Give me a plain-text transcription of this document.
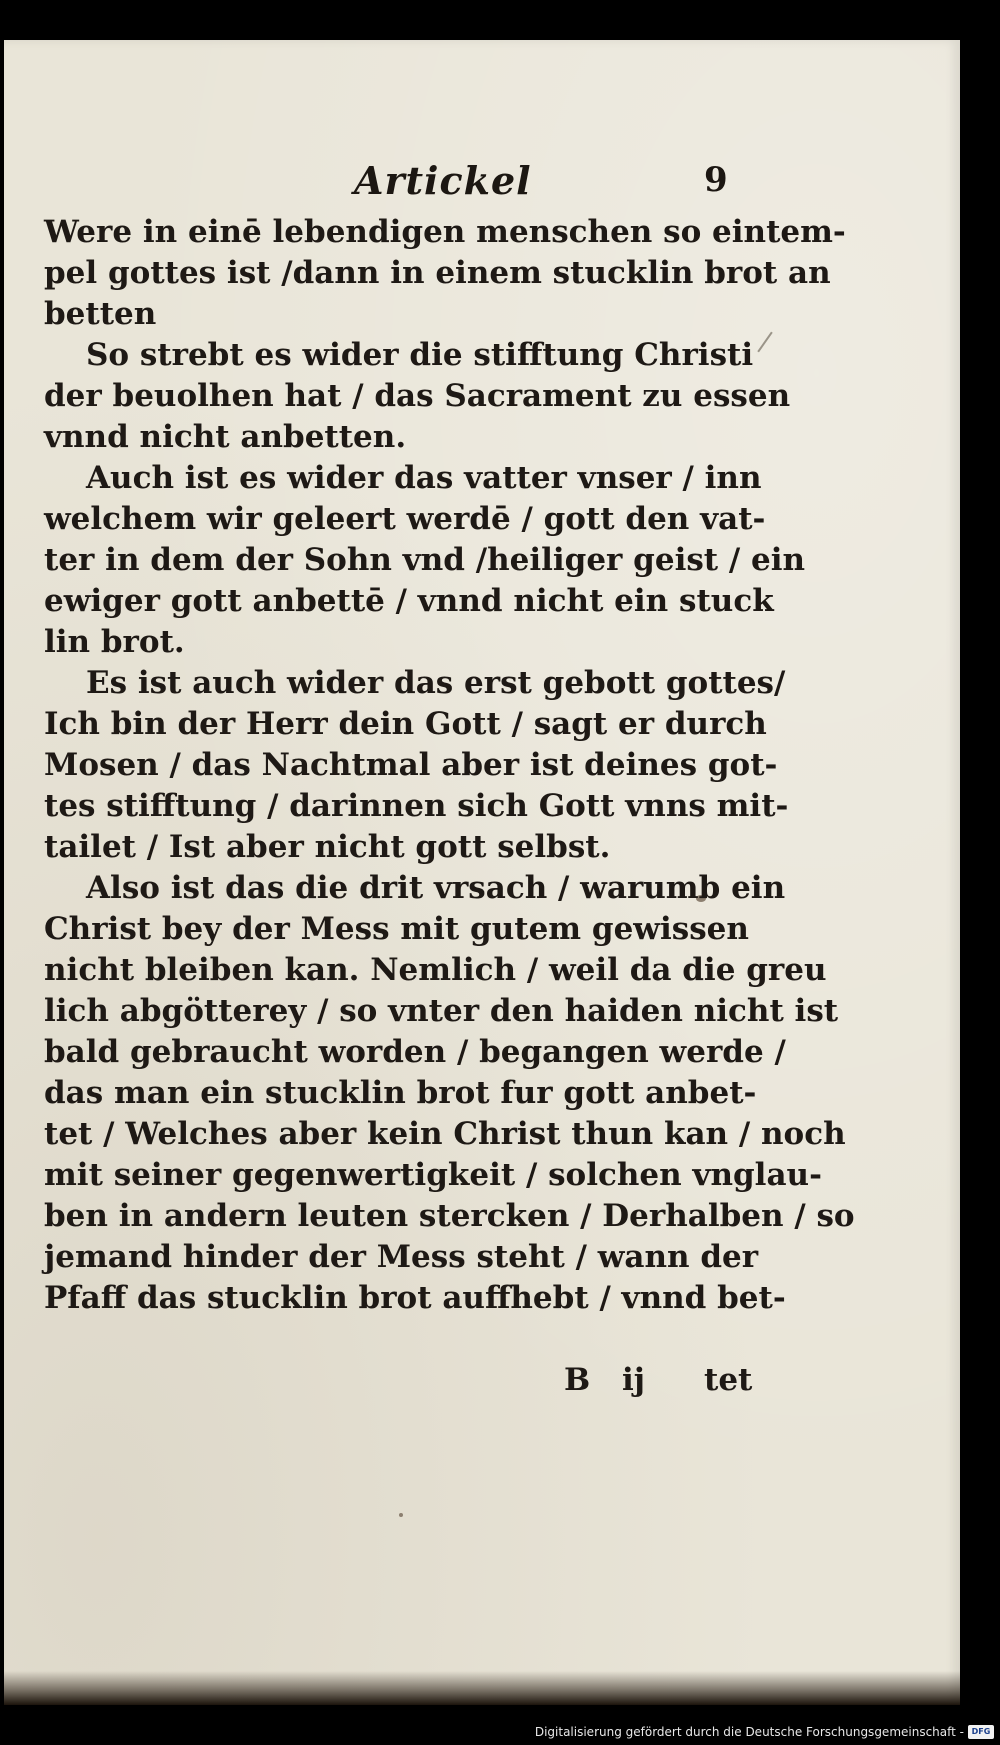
Artickel	9
Were in einē lebendigen menschen so eintem-
pel gottes ist /dann in einem stucklin brot an
betten
So strebt es wider die stifftung Christi
der beuolhen hat / das Sacrament zu essen
vnnd nicht anbetten.
Auch ist es wider das vatter vnser / inn
welchem wir geleert werdē / gott den vat-
ter in dem der Sohn vnd /heiliger geist / ein
ewiger gott anbettē / vnnd nicht ein stuck
lin brot.
Es ist auch wider das erst gebott gottes/
Ich bin der Herr dein Gott / sagt er durch
Mosen / das Nachtmal aber ist deines got-
tes stifftung / darinnen sich Gott vnns mit-
tailet / Ist aber nicht gott selbst.
Also ist das die drit vrsach / warumb ein
Christ bey der Mess mit gutem gewissen
nicht bleiben kan. Nemlich / weil da die greu
lich abgötterey / so vnter den haiden nicht ist
bald gebraucht worden / begangen werde /
das man ein stucklin brot fur gott anbet-
tet / Welches aber kein Christ thun kan / noch
mit seiner gegenwertigkeit / solchen vnglau-
ben in andern leuten stercken / Derhalben / so
jemand hinder der Mess steht / wann der
Pfaff das stucklin brot auffhebt / vnnd bet-
B ij tet
Digitalisierung gefördert durch die Deutsche Forschungsgemeinschaft - DFG
